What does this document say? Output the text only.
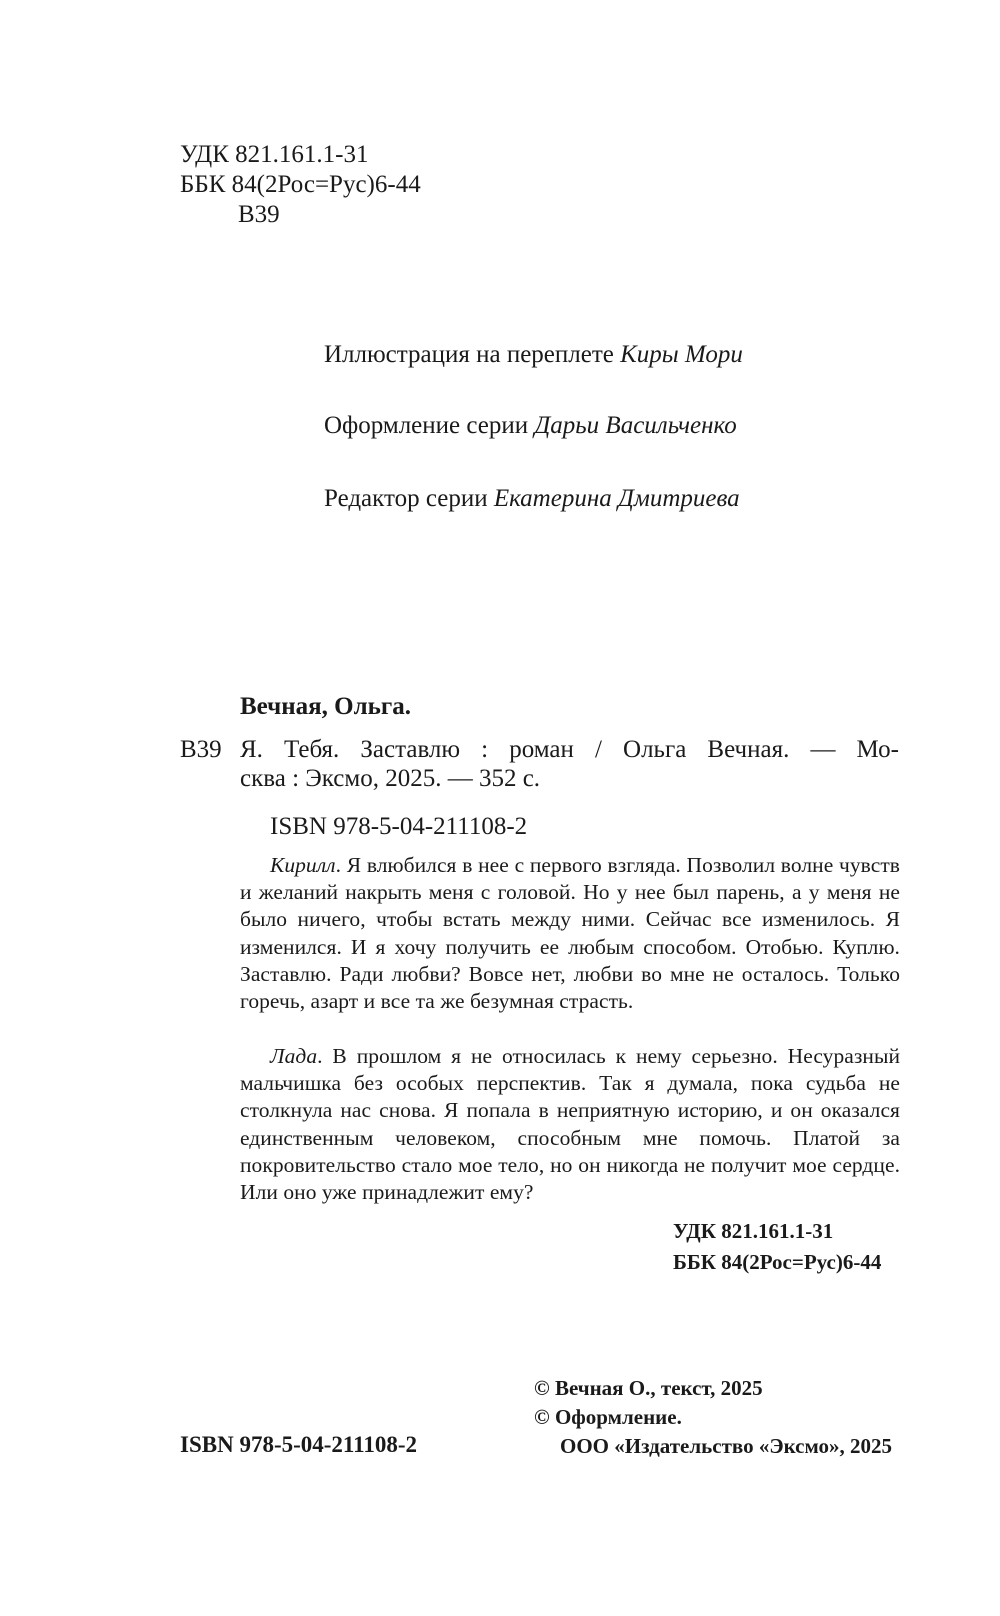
УДК 821.161.1-31
ББК 84(2Рос=Рус)6-44
В39
Иллюстрация на переплете Киры Мори
Оформление серии Дарьи Васильченко
Редактор серии Екатерина Дмитриева
Вечная, Ольга.
В39 Я. Тебя. Заставлю : роман / Ольга Вечная. — Мо-
сква : Эксмо, 2025. — 352 с.
ISBN 978-5-04-211108-2

Кирилл. Я влюбился в нее с первого взгляда. Позволил волне чувств и желаний накрыть меня с головой. Но у нее был парень, а у меня не было ничего, чтобы встать между ними. Сейчас все изменилось. Я изменился. И я хочу получить ее любым способом. Отобью. Куплю. Заставлю. Ради любви? Вовсе нет, любви во мне не осталось. Только горечь, азарт и все та же безумная страсть.

Лада. В прошлом я не относилась к нему серьезно. Несуразный мальчишка без особых перспектив. Так я думала, пока судьба не столкнула нас снова. Я попала в неприятную историю, и он оказался единственным человеком, способным мне помочь. Платой за покровительство стало мое тело, но он никогда не получит мое сердце. Или оно уже принадлежит ему?

УДК 821.161.1-31
ББК 84(2Рос=Рус)6-44
© Вечная О., текст, 2025
© Оформление.
ООО «Издательство «Эксмо», 2025
ISBN 978-5-04-211108-2
